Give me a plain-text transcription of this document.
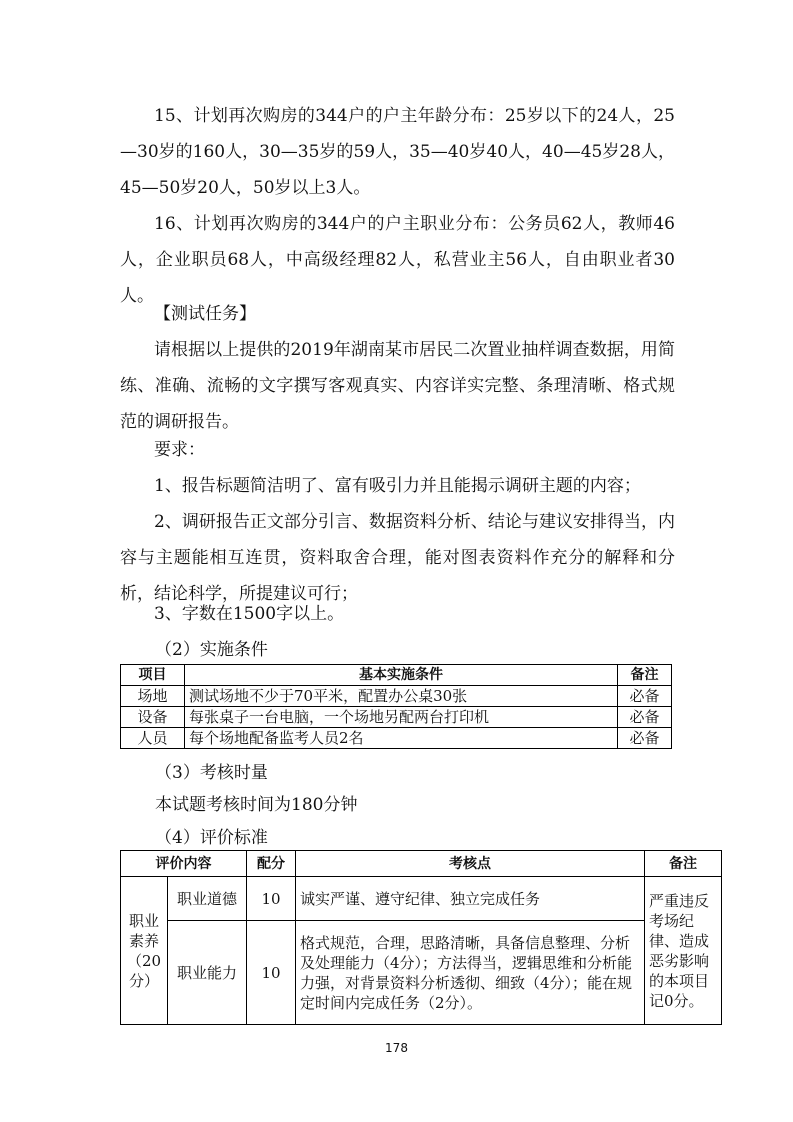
15、计划再次购房的344户的户主年龄分布：25岁以下的24人，25—30岁的160人，30—35岁的59人，35—40岁40人，40—45岁28人，45—50岁20人，50岁以上3人。

16、计划再次购房的344户的户主职业分布：公务员62人，教师46人，企业职员68人，中高级经理82人，私营业主56人，自由职业者30人。

【测试任务】

请根据以上提供的2019年湖南某市居民二次置业抽样调查数据，用简练、准确、流畅的文字撰写客观真实、内容详实完整、条理清晰、格式规范的调研报告。

要求：

1、报告标题简洁明了、富有吸引力并且能揭示调研主题的内容；

2、调研报告正文部分引言、数据资料分析、结论与建议安排得当，内容与主题能相互连贯，资料取舍合理，能对图表资料作充分的解释和分析，结论科学，所提建议可行；

3、字数在1500字以上。

（2）实施条件

项目	基本实施条件	备注
场地	测试场地不少于70平米，配置办公桌30张	必备
设备	每张桌子一台电脑，一个场地另配两台打印机	必备
人员	每个场地配备监考人员2名	必备

（3）考核时量

本试题考核时间为180分钟

（4）评价标准

评价内容		配分	考核点	备注
职业素养（20分）	职业道德	10	诚实严谨、遵守纪律、独立完成任务	严重违反考场纪律、造成恶劣影响的本项目记0分。
	职业能力	10	格式规范，合理，思路清晰，具备信息整理、分析及处理能力（4分）；方法得当，逻辑思维和分析能力强，对背景资料分析透彻、细致（4分）；能在规定时间内完成任务（2分）。	
178
